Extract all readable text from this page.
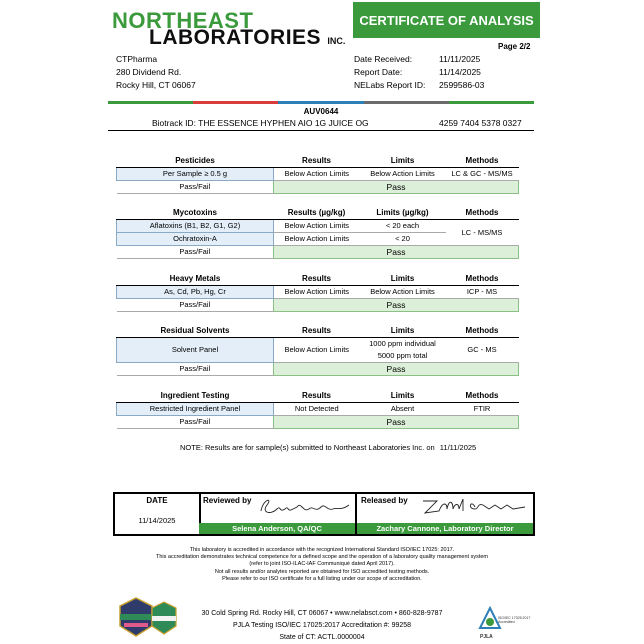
NORTHEAST
LABORATORIES INC.
CERTIFICATE OF ANALYSIS
Page 2/2
CTPharma
280 Dividend Rd.
Rocky Hill, CT 06067
Date Received:	11/11/2025
Report Date:	11/14/2025
NELabs Report ID: 2599586-03
AUV0644
Biotrack ID: THE ESSENCE HYPHEN AIO 1G JUICE OG	4259 7404 5378 0327
Pesticides	Results	Limits	Methods
Per Sample ≥ 0.5 g	Below Action Limits	Below Action Limits	LC & GC - MS/MS
Pass/Fail	Pass		
Mycotoxins	Results (µg/kg)	Limits (µg/kg)	Methods
Aflatoxins (B1, B2, G1, G2)	Below Action Limits	< 20 each	LC - MS/MS
Ochratoxin-A	Below Action Limits	< 20	
Pass/Fail	Pass		
Heavy Metals	Results	Limits	Methods
As, Cd, Pb, Hg, Cr	Below Action Limits	Below Action Limits	ICP - MS
Pass/Fail	Pass		
Residual Solvents	Results	Limits	Methods
Solvent Panel	Below Action Limits	1000 ppm individual	GC - MS
		5000 ppm total	
Pass/Fail	Pass		
Ingredient Testing	Results	Limits	Methods
Restricted Ingredient Panel	Not Detected	Absent	FTIR
Pass/Fail	Pass		
NOTE: Results are for sample(s) submitted to Northeast Laboratories Inc. on 11/11/2025
DATE
11/14/2025
Reviewed by
Selena Anderson, QA/QC
Released by
Zachary Cannone, Laboratory Director
This laboratory is accredited in accordance with the recognized International Standard ISO/IEC 17025: 2017.
This accreditation demonstrates technical competence for a defined scope and the operation of a laboratory quality management system
(refer to joint ISO-ILAC-IAF Communiqué dated April 2017).
Not all results and/or analytes reported are obtained for ISO accredited testing methods.
Please refer to our ISO certificate for a full listing under our scope of accreditation.
30 Cold Spring Rd. Rocky Hill, CT 06067 • www.nelabsct.com • 860-828-9787
PJLA Testing ISO/IEC 17025:2017 Accreditation #: 99258
State of CT: ACTL.0000004
ISO/IEC 17025:2017 Accredited
PJLA
